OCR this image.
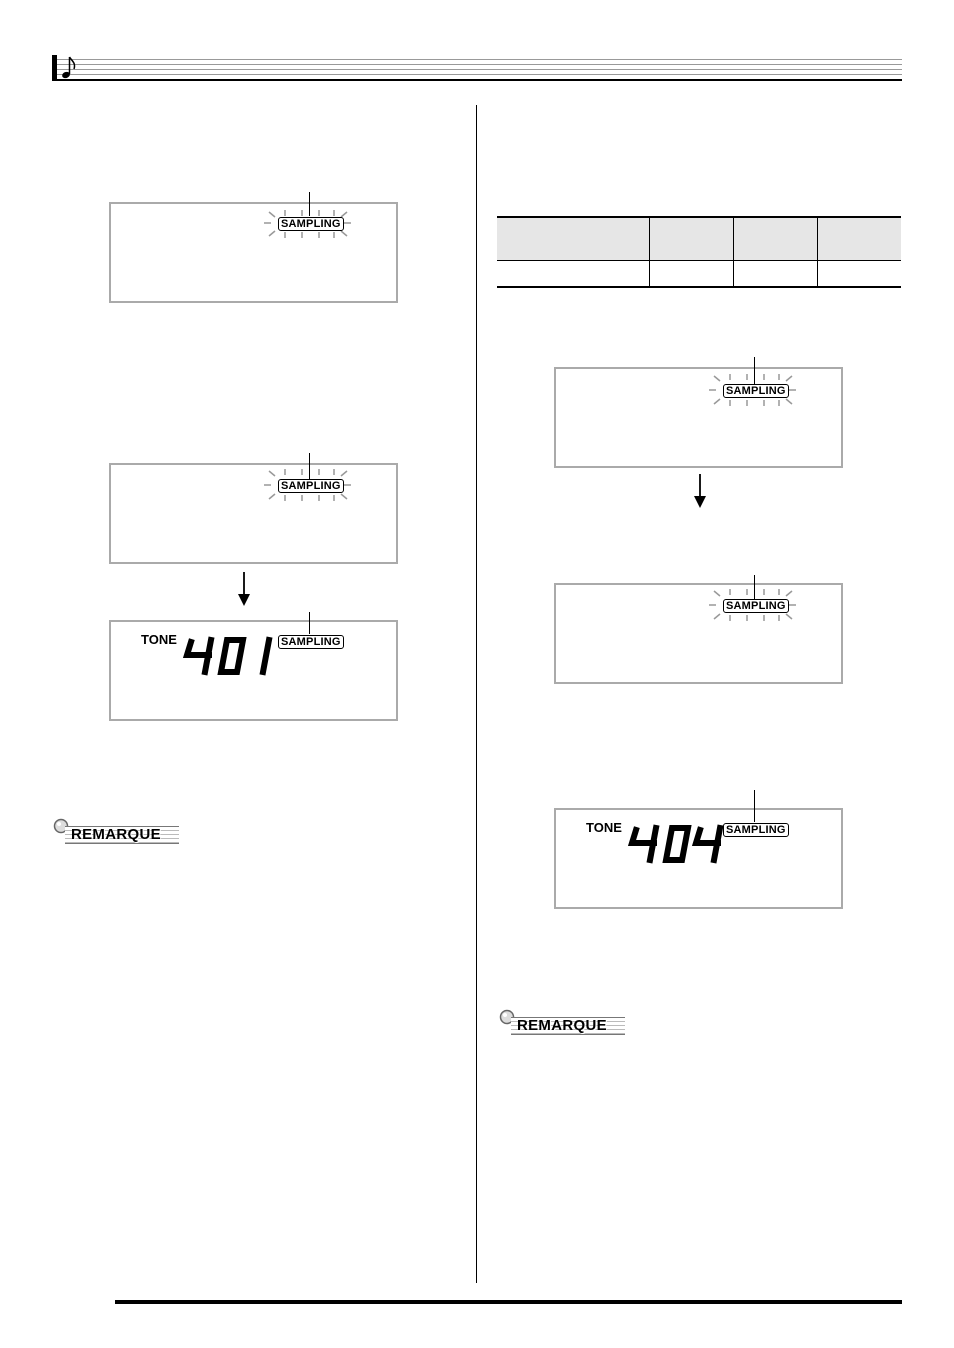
SAMPLING
SAMPLING
TONE	SAMPLING
REMARQUE
SAMPLING
SAMPLING
TONE	SAMPLING
REMARQUE
